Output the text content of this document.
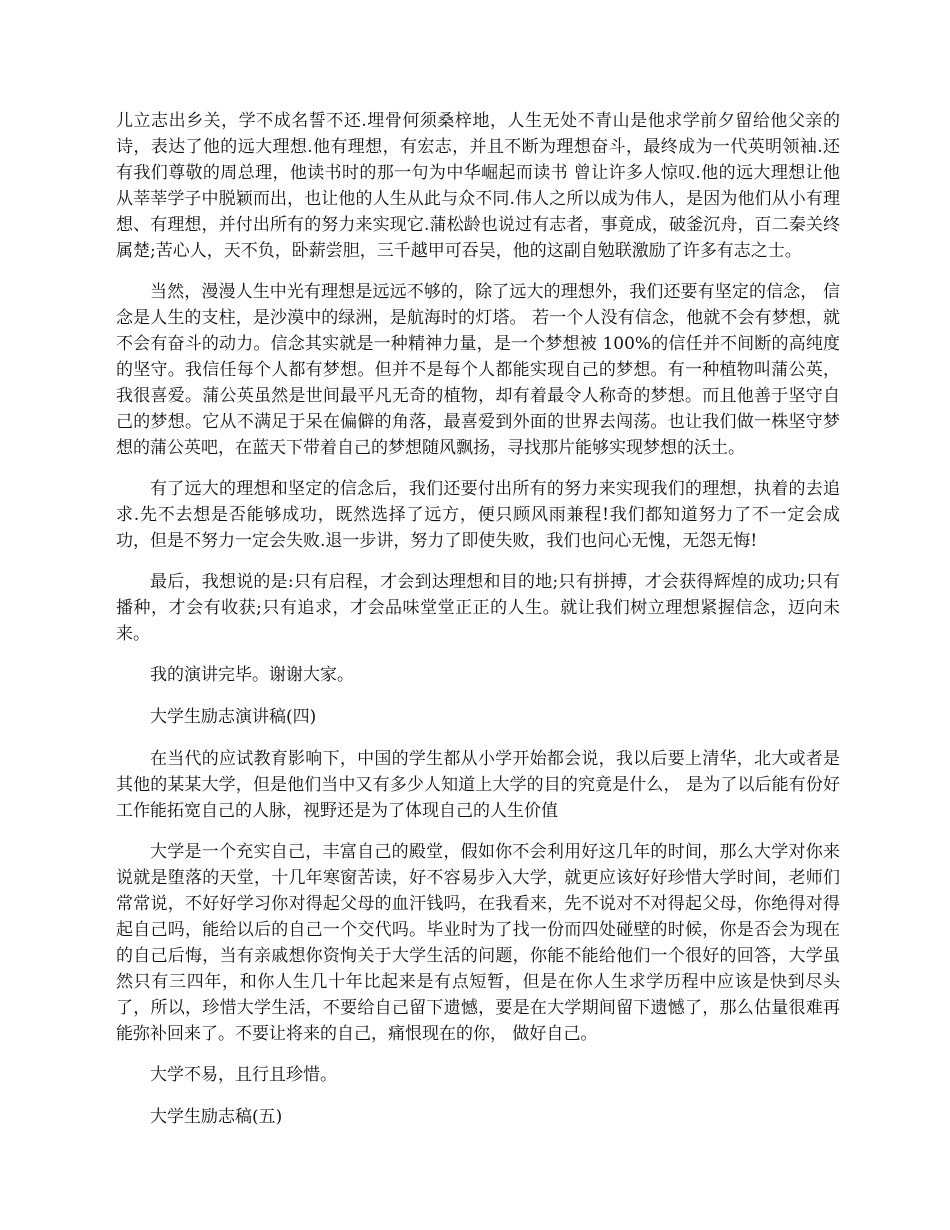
儿立志出乡关，学不成名誓不还.埋骨何须桑梓地，人生无处不青山是他求学前夕留给他父亲的诗，表达了他的远大理想.他有理想，有宏志，并且不断为理想奋斗，最终成为一代英明领袖.还有我们尊敬的周总理，他读书时的那一句为中华崛起而读书 曾让许多人惊叹.他的远大理想让他从莘莘学子中脱颖而出，也让他的人生从此与众不同.伟人之所以成为伟人，是因为他们从小有理想、有理想，并付出所有的努力来实现它.蒲松龄也说过有志者，事竟成，破釜沉舟，百二秦关终属楚;苦心人，天不负，卧薪尝胆，三千越甲可吞吴，他的这副自勉联激励了许多有志之士。

当然，漫漫人生中光有理想是远远不够的，除了远大的理想外，我们还要有坚定的信念， 信念是人生的支柱，是沙漠中的绿洲，是航海时的灯塔。 若一个人没有信念，他就不会有梦想，就不会有奋斗的动力。信念其实就是一种精神力量，是一个梦想被 100%的信任并不间断的高纯度的坚守。我信任每个人都有梦想。但并不是每个人都能实现自己的梦想。有一种植物叫蒲公英，我很喜爱。蒲公英虽然是世间最平凡无奇的植物，却有着最令人称奇的梦想。而且他善于坚守自己的梦想。它从不满足于呆在偏僻的角落，最喜爱到外面的世界去闯荡。也让我们做一株坚守梦想的蒲公英吧，在蓝天下带着自己的梦想随风飘扬，寻找那片能够实现梦想的沃土。

有了远大的理想和坚定的信念后，我们还要付出所有的努力来实现我们的理想，执着的去追求.先不去想是否能够成功，既然选择了远方，便只顾风雨兼程!我们都知道努力了不一定会成功，但是不努力一定会失败.退一步讲，努力了即使失败，我们也问心无愧，无怨无悔!

最后，我想说的是:只有启程，才会到达理想和目的地;只有拼搏，才会获得辉煌的成功;只有播种，才会有收获;只有追求，才会品味堂堂正正的人生。就让我们树立理想紧握信念，迈向未来。

我的演讲完毕。谢谢大家。

大学生励志演讲稿(四)

在当代的应试教育影响下，中国的学生都从小学开始都会说，我以后要上清华，北大或者是其他的某某大学，但是他们当中又有多少人知道上大学的目的究竟是什么， 是为了以后能有份好工作能拓宽自己的人脉，视野还是为了体现自己的人生价值

大学是一个充实自己，丰富自己的殿堂，假如你不会利用好这几年的时间，那么大学对你来说就是堕落的天堂，十几年寒窗苦读，好不容易步入大学，就更应该好好珍惜大学时间，老师们常常说，不好好学习你对得起父母的血汗钱吗，在我看来，先不说对不对得起父母，你绝得对得起自己吗，能给以后的自己一个交代吗。毕业时为了找一份而四处碰壁的时候，你是否会为现在的自己后悔，当有亲戚想你资恂关于大学生活的问题，你能不能给他们一个很好的回答，大学虽然只有三四年，和你人生几十年比起来是有点短暂，但是在你人生求学历程中应该是快到尽头了，所以，珍惜大学生活，不要给自己留下遗憾，要是在大学期间留下遗憾了，那么估量很难再能弥补回来了。不要让将来的自己，痛恨现在的你， 做好自己。

大学不易，且行且珍惜。

大学生励志稿(五)
